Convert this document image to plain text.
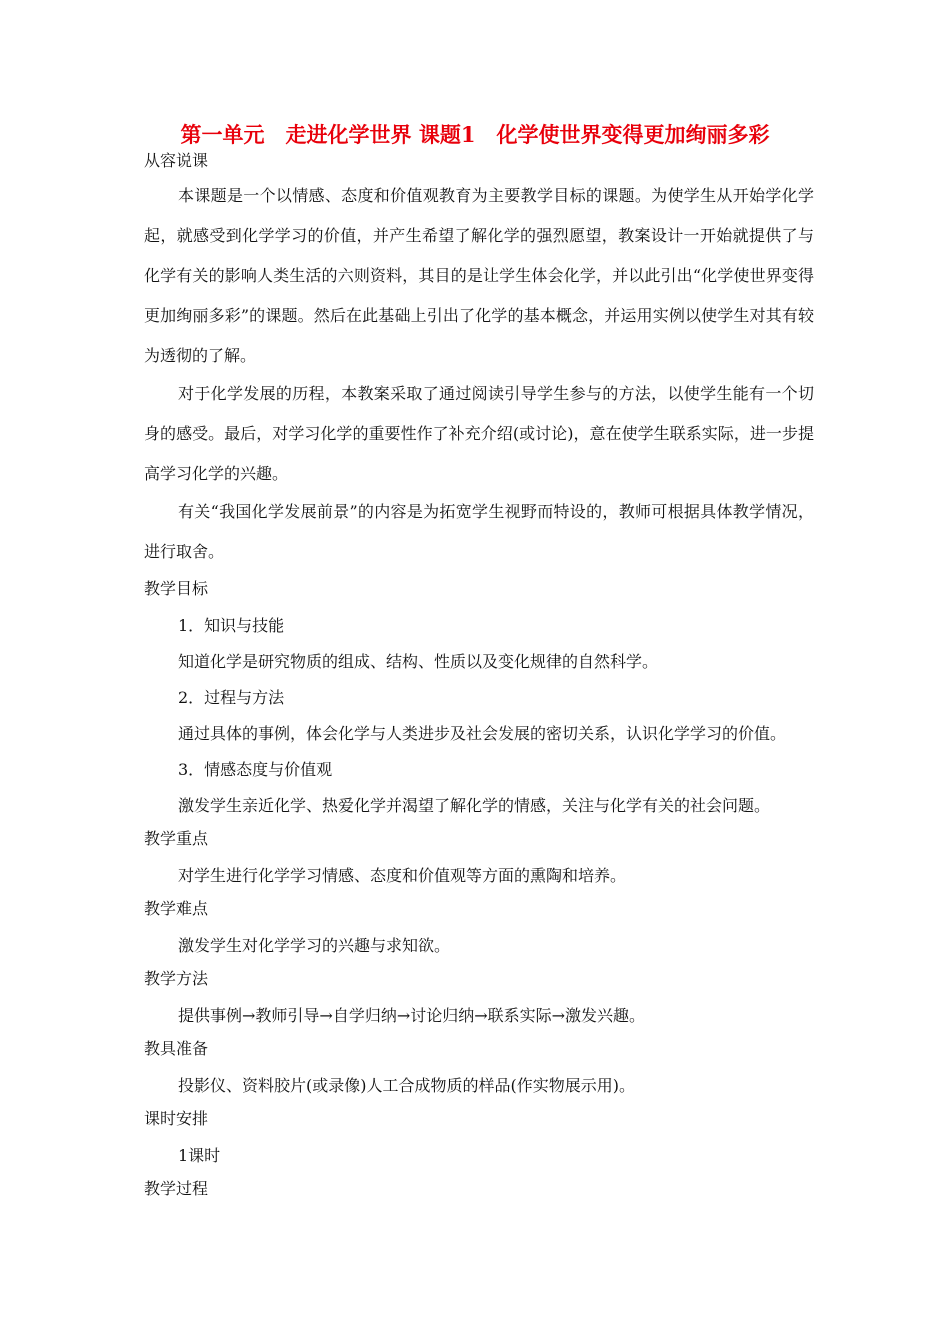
第一单元　走进化学世界 课题1　化学使世界变得更加绚丽多彩

从容说课

本课题是一个以情感、态度和价值观教育为主要教学目标的课题。为使学生从开始学化学起，就感受到化学学习的价值，并产生希望了解化学的强烈愿望，教案设计一开始就提供了与化学有关的影响人类生活的六则资料，其目的是让学生体会化学，并以此引出“化学使世界变得更加绚丽多彩”的课题。然后在此基础上引出了化学的基本概念，并运用实例以使学生对其有较为透彻的了解。

对于化学发展的历程，本教案采取了通过阅读引导学生参与的方法，以使学生能有一个切身的感受。最后，对学习化学的重要性作了补充介绍(或讨论)，意在使学生联系实际，进一步提高学习化学的兴趣。

有关“我国化学发展前景”的内容是为拓宽学生视野而特设的，教师可根据具体教学情况，进行取舍。

教学目标

1．知识与技能

知道化学是研究物质的组成、结构、性质以及变化规律的自然科学。

2．过程与方法

通过具体的事例，体会化学与人类进步及社会发展的密切关系，认识化学学习的价值。

3．情感态度与价值观

激发学生亲近化学、热爱化学并渴望了解化学的情感，关注与化学有关的社会问题。

教学重点

对学生进行化学学习情感、态度和价值观等方面的熏陶和培养。

教学难点

激发学生对化学学习的兴趣与求知欲。

教学方法

提供事例→教师引导→自学归纳→讨论归纳→联系实际→激发兴趣。

教具准备

投影仪、资料胶片(或录像)人工合成物质的样品(作实物展示用)。

课时安排

1课时

教学过程
